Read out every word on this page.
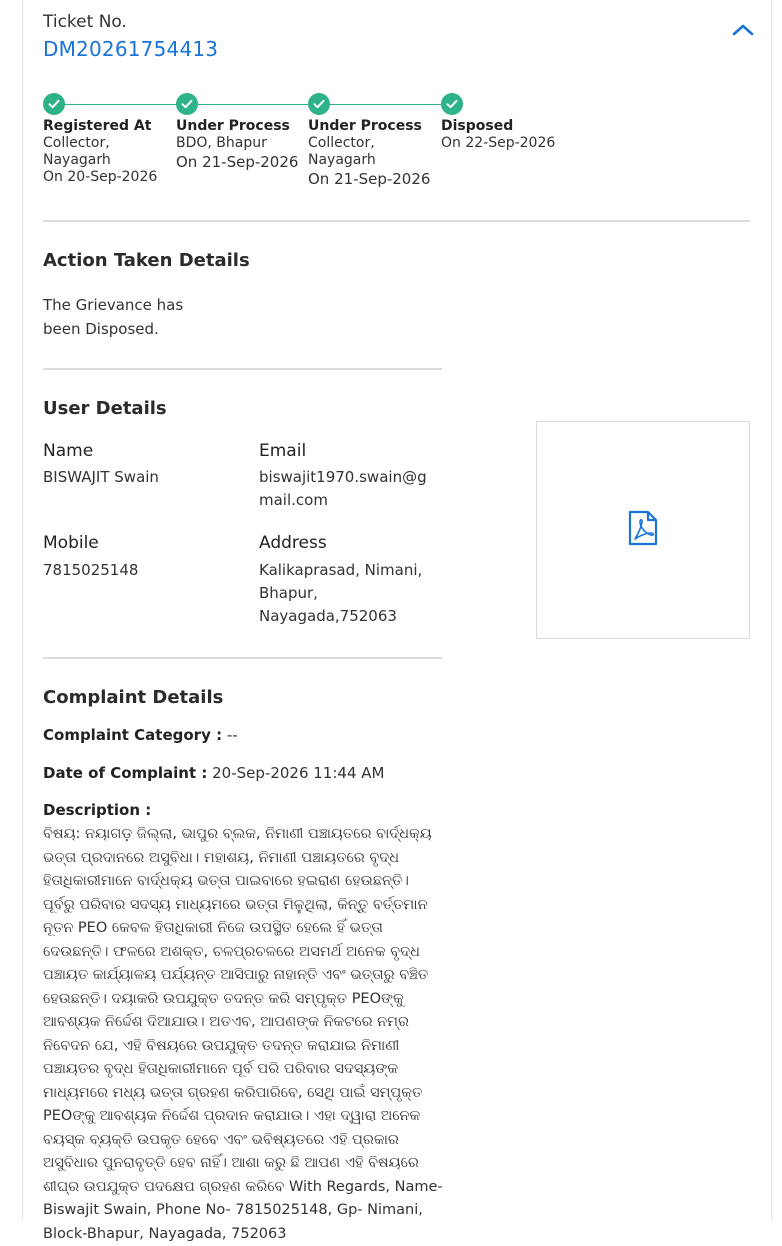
Ticket No.
DM20261754413
Registered At
Collector, Nayagarh
On 20-Sep-2026
Under Process
BDO, Bhapur
On 21-Sep-2026
Under Process
Collector, Nayagarh
On 21-Sep-2026
Disposed
On 22-Sep-2026
Action Taken Details
The Grievance has been Disposed.
User Details
Name
BISWAJIT Swain
Email
biswajit1970.swain@gmail.com
Mobile
7815025148
Address
Kalikaprasad, Nimani, Bhapur, Nayagada,752063
Complaint Details
Complaint Category : --
Date of Complaint : 20-Sep-2026 11:44 AM
Description :
ବିଷୟ: ନୟାଗଡ଼ ଜିଲ୍ଲା, ଭାପୁର ବ୍ଲକ, ନିମାଣୀ ପଞ୍ଚାୟତରେ ବାର୍ଦ୍ଧକ୍ୟ ଭତ୍ତା ପ୍ରଦାନରେ ଅସୁବିଧା। ମହାଶୟ, ନିମାଣୀ ପଞ୍ଚାୟତରେ ବୃଦ୍ଧ ହିତାଧିକାରୀମାନେ ବାର୍ଦ୍ଧକ୍ୟ ଭତ୍ତା ପାଇବାରେ ହଇରାଣ ହେଉଛନ୍ତି। ପୂର୍ବରୁ ପରିବାର ସଦସ୍ୟ ମାଧ୍ୟମରେ ଭତ୍ତା ମିଳୁଥିଲା, କିନ୍ତୁ ବର୍ତ୍ତମାନ ନୂତନ PEO କେବଳ ହିତାଧିକାରୀ ନିଜେ ଉପସ୍ଥିତ ହେଲେ ହିଁ ଭତ୍ତା ଦେଉଛନ୍ତି। ଫଳରେ ଅଶକ୍ତ, ଚଳପ୍ରଚଳରେ ଅସମର୍ଥ ଅନେକ ବୃଦ୍ଧ ପଞ୍ଚାୟତ କାର୍ଯ୍ୟାଳୟ ପର୍ଯ୍ୟନ୍ତ ଆସିପାରୁ ନାହାନ୍ତି ଏବଂ ଭତ୍ତାରୁ ବଞ୍ଚିତ ହେଉଛନ୍ତି। ଦୟାକରି ଉପଯୁକ୍ତ ତଦନ୍ତ କରି ସମ୍ପୃକ୍ତ PEOଙ୍କୁ ଆବଶ୍ୟକ ନିର୍ଦ୍ଦେଶ ଦିଆଯାଉ। ଅତଏବ, ଆପଣଙ୍କ ନିକଟରେ ନମ୍ର ନିବେଦନ ଯେ, ଏହି ବିଷୟରେ ଉପଯୁକ୍ତ ତଦନ୍ତ କରାଯାଇ ନିମାଣୀ ପଞ୍ଚାୟତର ବୃଦ୍ଧ ହିତାଧିକାରୀମାନେ ପୂର୍ବ ପରି ପରିବାର ସଦସ୍ୟଙ୍କ ମାଧ୍ୟମରେ ମଧ୍ୟ ଭତ୍ତା ଗ୍ରହଣ କରିପାରିବେ, ସେଥି ପାଇଁ ସମ୍ପୃକ୍ତ PEOଙ୍କୁ ଆବଶ୍ୟକ ନିର୍ଦ୍ଦେଶ ପ୍ରଦାନ କରାଯାଉ। ଏହା ଦ୍ୱାରା ଅନେକ ବୟସ୍କ ବ୍ୟକ୍ତି ଉପକୃତ ହେବେ ଏବଂ ଭବିଷ୍ୟତରେ ଏହି ପ୍ରକାର ଅସୁବିଧାର ପୁନରାବୃତ୍ତି ହେବ ନାହିଁ। ଆଶା କରୁ ଛି ଆପଣ ଏହି ବିଷୟରେ ଶୀଘ୍ର ଉପଯୁକ୍ତ ପଦକ୍ଷେପ ଗ୍ରହଣ କରିବେ With Regards, Name- Biswajit Swain, Phone No- 7815025148, Gp- Nimani, Block-Bhapur, Nayagada, 752063
